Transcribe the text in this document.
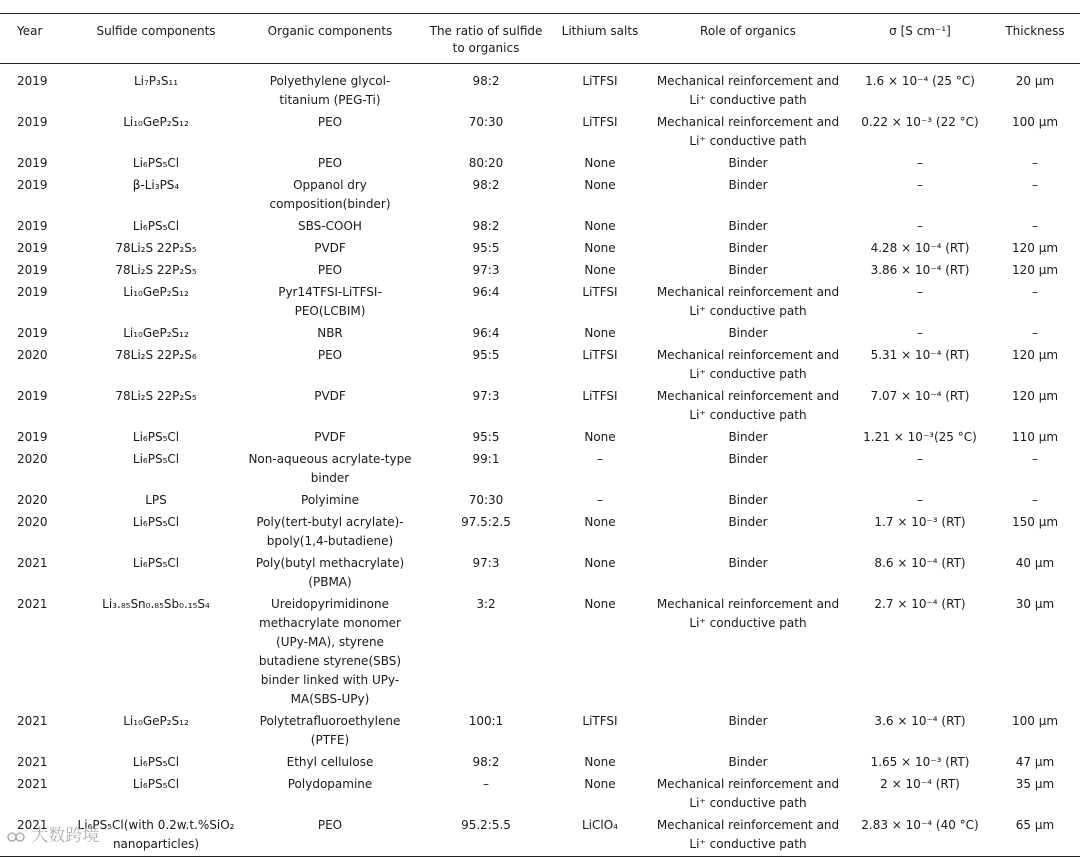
Year	Sulfide components	Organic components	The ratio of sulfide to organics	Lithium salts	Role of organics	σ [S cm⁻¹]	Thickness
2019	Li₇P₃S₁₁	Polyethylene glycol-titanium (PEG-Ti)	98:2	LiTFSI	Mechanical reinforcement and Li⁺ conductive path	1.6 × 10⁻⁴ (25 °C)	20 μm
2019	Li₁₀GeP₂S₁₂	PEO	70:30	LiTFSI	Mechanical reinforcement and Li⁺ conductive path	0.22 × 10⁻³ (22 °C)	100 μm
2019	Li₆PS₅Cl	PEO	80:20	None	Binder	–	–
2019	β-Li₃PS₄	Oppanol dry composition(binder)	98:2	None	Binder	–	–
2019	Li₆PS₅Cl	SBS-COOH	98:2	None	Binder	–	–
2019	78Li₂S 22P₂S₅	PVDF	95:5	None	Binder	4.28 × 10⁻⁴ (RT)	120 μm
2019	78Li₂S 22P₂S₅	PEO	97:3	None	Binder	3.86 × 10⁻⁴ (RT)	120 μm
2019	Li₁₀GeP₂S₁₂	Pyr14TFSI-LiTFSI-PEO(LCBIM)	96:4	LiTFSI	Mechanical reinforcement and Li⁺ conductive path	–	–
2019	Li₁₀GeP₂S₁₂	NBR	96:4	None	Binder	–	–
2020	78Li₂S 22P₂S₆	PEO	95:5	LiTFSI	Mechanical reinforcement and Li⁺ conductive path	5.31 × 10⁻⁴ (RT)	120 μm
2019	78Li₂S 22P₂S₅	PVDF	97:3	LiTFSI	Mechanical reinforcement and Li⁺ conductive path	7.07 × 10⁻⁴ (RT)	120 μm
2019	Li₆PS₅Cl	PVDF	95:5	None	Binder	1.21 × 10⁻³(25 °C)	110 μm
2020	Li₆PS₅Cl	Non-aqueous acrylate-type binder	99:1	–	Binder	–	–
2020	LPS	Polyimine	70:30	–	Binder	–	–
2020	Li₆PS₅Cl	Poly(tert-butyl acrylate)-bpoly(1,4-butadiene)	97.5:2.5	None	Binder	1.7 × 10⁻³ (RT)	150 μm
2021	Li₆PS₅Cl	Poly(butyl methacrylate)(PBMA)	97:3	None	Binder	8.6 × 10⁻⁴ (RT)	40 μm
2021	Li₃.₈₅Sn₀.₈₅Sb₀.₁₅S₄	Ureidopyrimidinone methacrylate monomer (UPy-MA), styrene butadiene styrene(SBS) binder linked with UPy-MA(SBS-UPy)	3:2	None	Mechanical reinforcement and Li⁺ conductive path	2.7 × 10⁻⁴ (RT)	30 μm
2021	Li₁₀GeP₂S₁₂	Polytetrafluoroethylene (PTFE)	100:1	LiTFSI	Binder	3.6 × 10⁻⁴ (RT)	100 μm
2021	Li₆PS₅Cl	Ethyl cellulose	98:2	None	Binder	1.65 × 10⁻³ (RT)	47 μm
2021	Li₆PS₅Cl	Polydopamine	–	None	Mechanical reinforcement and Li⁺ conductive path	2 × 10⁻⁴ (RT)	35 μm
2021	Li₆PS₅Cl(with 0.2w.t.%SiO₂ nanoparticles)	PEO	95.2:5.5	LiClO₄	Mechanical reinforcement and Li⁺ conductive path	2.83 × 10⁻⁴ (40 °C)	65 μm
大数跨境
